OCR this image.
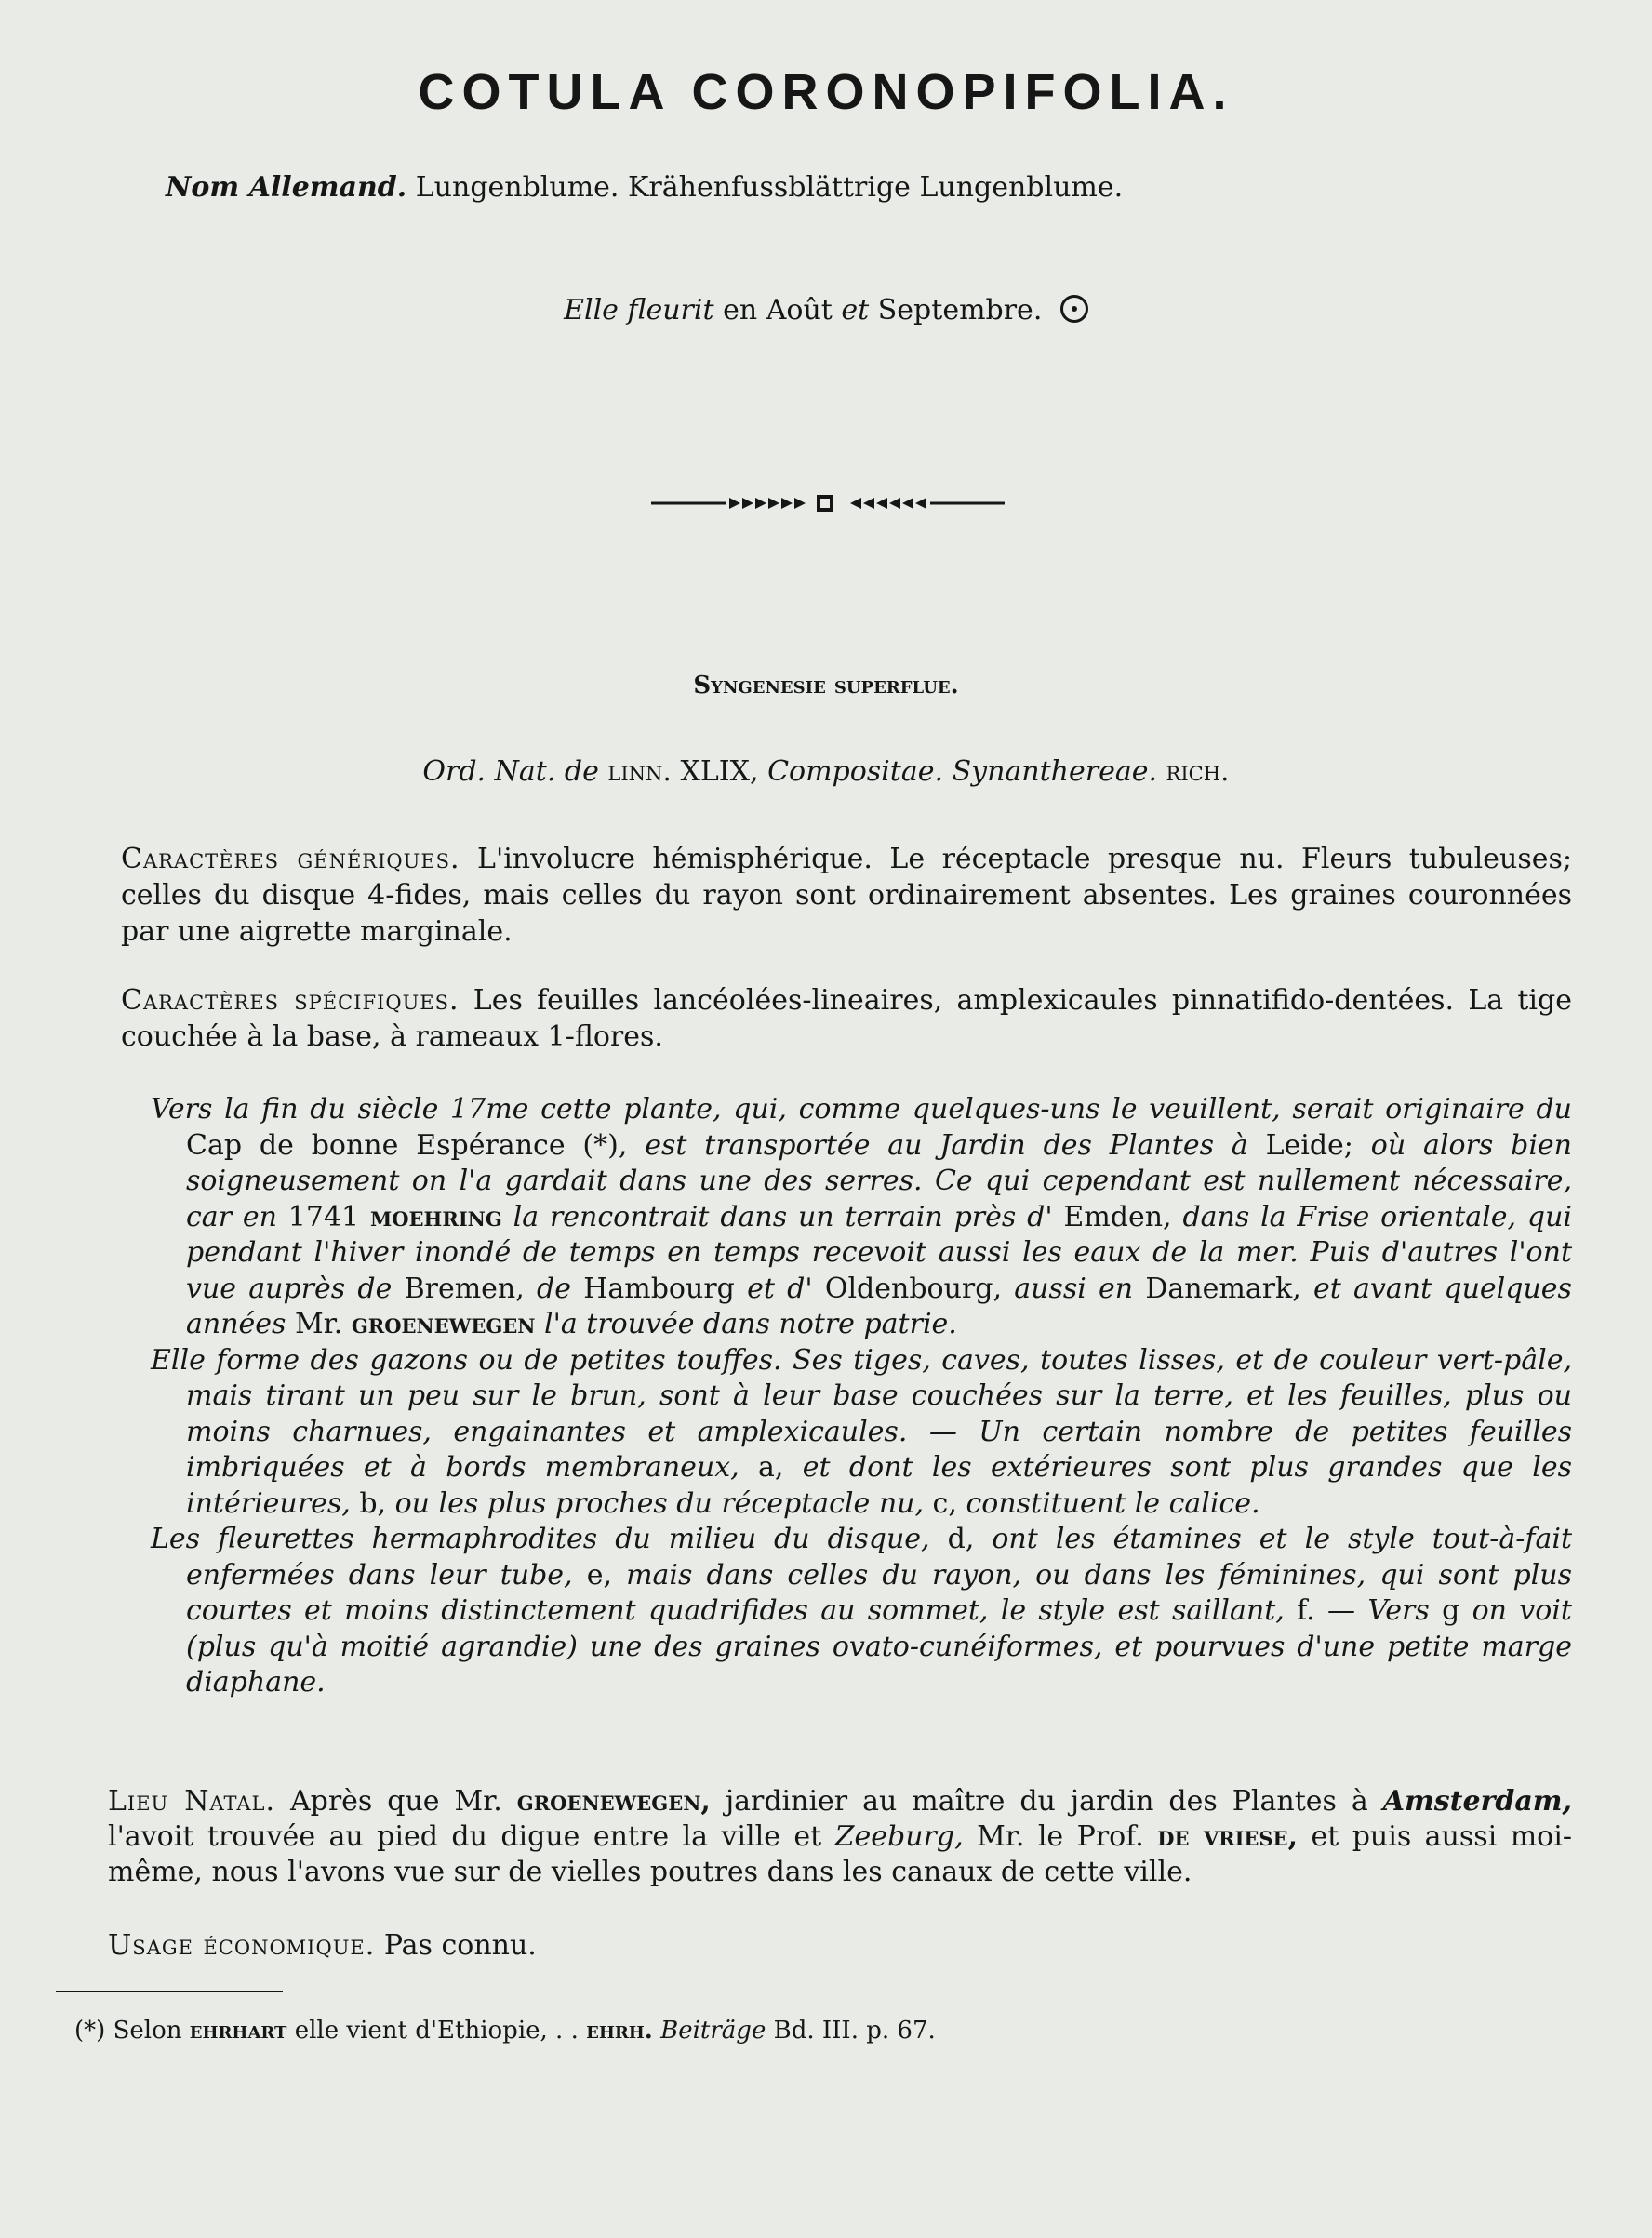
COTULA CORONOPIFOLIA.
Nom Allemand. Lungenblume. Krähenfussblättrige Lungenblume.
Elle fleurit en Août et Septembre.
Syngenesie superflue.
Ord. Nat. de linn. XLIX, Compositae. Synanthereae. rich.
Caractères génériques. L'involucre hémisphérique. Le réceptacle presque nu. Fleurs tubuleuses; celles du disque 4-fides, mais celles du rayon sont ordinairement absentes. Les graines couronnées par une aigrette marginale.
Caractères spécifiques. Les feuilles lancéolées-lineaires, amplexicaules pinnatifido-dentées. La tige couchée à la base, à rameaux 1-flores.
Vers la fin du siècle 17me cette plante, qui, comme quelques-uns le veuillent, serait originaire du Cap de bonne Espérance (*), est transportée au Jardin des Plantes à Leide; où alors bien soigneusement on l'a gardait dans une des serres. Ce qui cependant est nullement nécessaire, car en 1741 moehring la rencontrait dans un terrain près d' Emden, dans la Frise orientale, qui pendant l'hiver inondé de temps en temps recevoit aussi les eaux de la mer. Puis d'autres l'ont vue auprès de Bremen, de Hambourg et d' Oldenbourg, aussi en Danemark, et avant quelques années Mr. groenewegen l'a trouvée dans notre patrie.
Elle forme des gazons ou de petites touffes. Ses tiges, caves, toutes lisses, et de couleur vert-pâle, mais tirant un peu sur le brun, sont à leur base couchées sur la terre, et les feuilles, plus ou moins charnues, engainantes et amplexicaules. — Un certain nombre de petites feuilles imbriquées et à bords membraneux, a, et dont les extérieures sont plus grandes que les intérieures, b, ou les plus proches du réceptacle nu, c, constituent le calice.
Les fleurettes hermaphrodites du milieu du disque, d, ont les étamines et le style tout-à-fait enfermées dans leur tube, e, mais dans celles du rayon, ou dans les féminines, qui sont plus courtes et moins distinctement quadrifides au sommet, le style est saillant, f. — Vers g on voit (plus qu'à moitié agrandie) une des graines ovato-cunéiformes, et pourvues d'une petite marge diaphane.
Lieu Natal. Après que Mr. groenewegen, jardinier au maître du jardin des Plantes à Amsterdam, l'avoit trouvée au pied du digue entre la ville et Zeeburg, Mr. le Prof. de vriese, et puis aussi moi-même, nous l'avons vue sur de vielles poutres dans les canaux de cette ville.
Usage économique. Pas connu.
(*) Selon ehrhart elle vient d'Ethiopie, . . ehrh. Beiträge Bd. III. p. 67.
